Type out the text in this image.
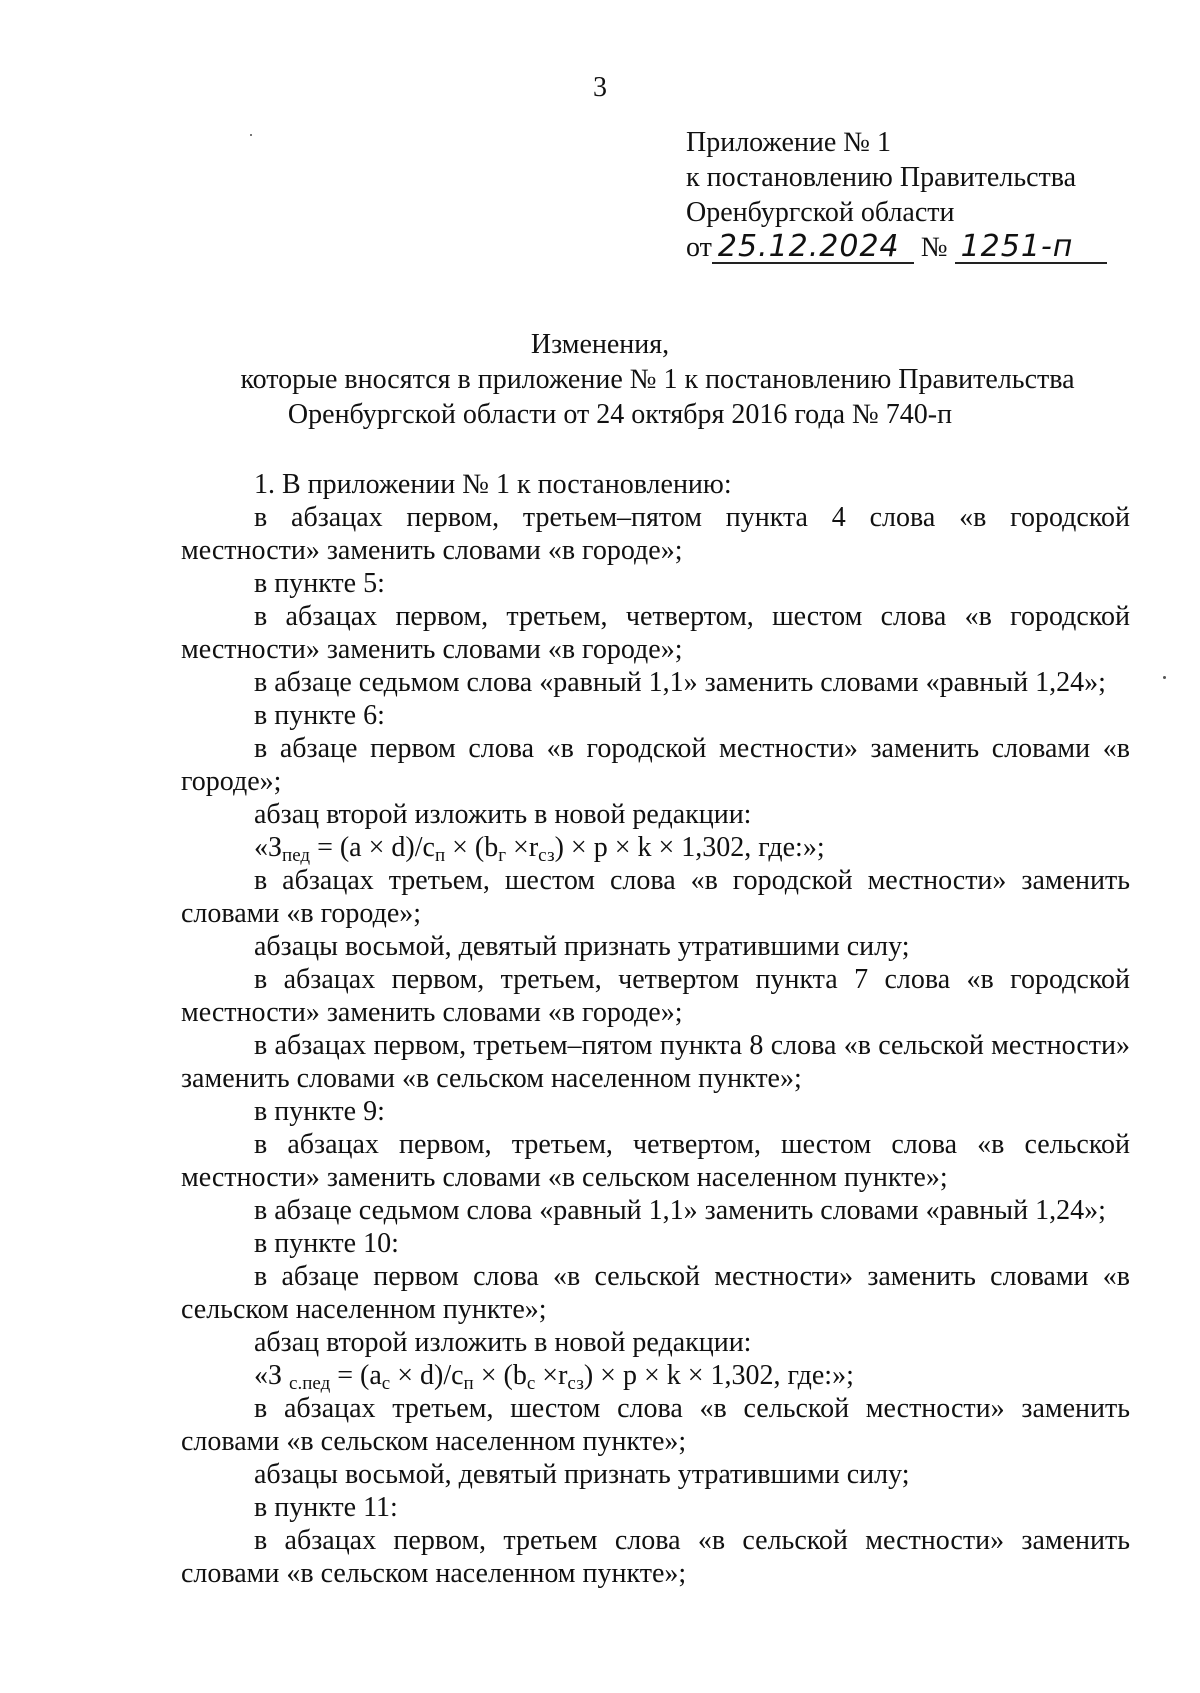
3
Приложение № 1
к постановлению Правительства
Оренбургской области
от 25.12.2024 № 1251-п
Изменения,
которые вносятся в приложение № 1 к постановлению Правительства
Оренбургской области от 24 октября 2016 года № 740-п

1. В приложении № 1 к постановлению:

в абзацах первом, третьем–пятом пункта 4 слова «в городской местности» заменить словами «в городе»;

в пункте 5:

в абзацах первом, третьем, четвертом, шестом слова «в городской местности» заменить словами «в городе»;

в абзаце седьмом слова «равный 1,1» заменить словами «равный 1,24»;

в пункте 6:

в абзаце первом слова «в городской местности» заменить словами «в городе»;

абзац второй изложить в новой редакции:

«$З_{пед} = (a \times d)/с_п \times (b_г \times r_{сз}) \times p \times k \times 1,302$, где:»;

в абзацах третьем, шестом слова «в городской местности» заменить словами «в городе»;

абзацы восьмой, девятый признать утратившими силу;

в абзацах первом, третьем, четвертом пункта 7 слова «в городской местности» заменить словами «в городе»;

в абзацах первом, третьем–пятом пункта 8 слова «в сельской местности» заменить словами «в сельском населенном пункте»;

в пункте 9:

в абзацах первом, третьем, четвертом, шестом слова «в сельской местности» заменить словами «в сельском населенном пункте»;

в абзаце седьмом слова «равный 1,1» заменить словами «равный 1,24»;

в пункте 10:

в абзаце первом слова «в сельской местности» заменить словами «в сельском населенном пункте»;

абзац второй изложить в новой редакции:

«З $_{с.пед} = (a_с \times d)/с_п \times (b_с \times r_{сз}) \times p \times k \times 1,302$, где:»;

в абзацах третьем, шестом слова «в сельской местности» заменить словами «в сельском населенном пункте»;

абзацы восьмой, девятый признать утратившими силу;

в пункте 11:

в абзацах первом, третьем слова «в сельской местности» заменить словами «в сельском населенном пункте»;
